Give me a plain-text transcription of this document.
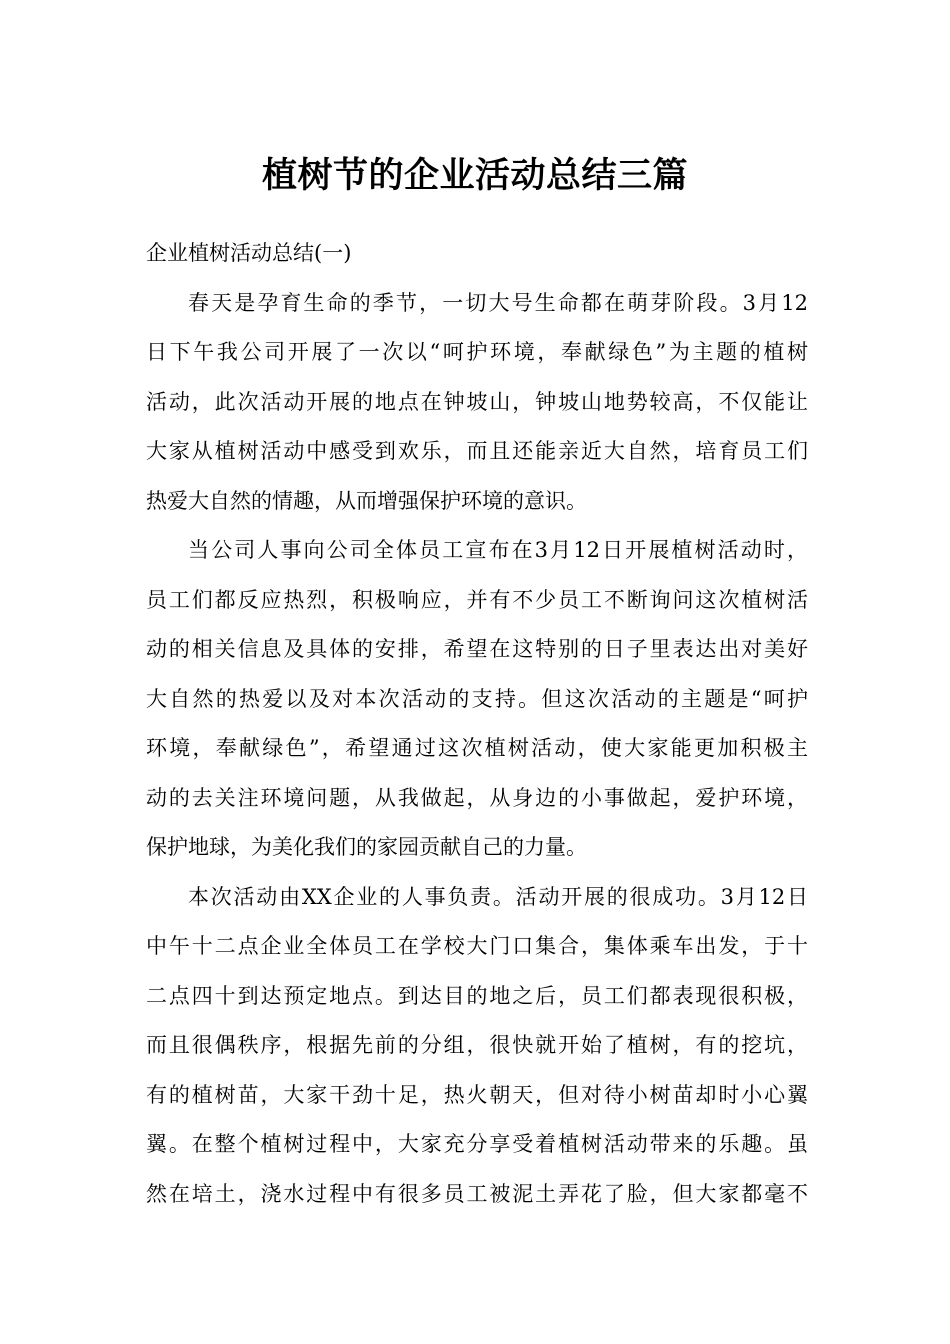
植树节的企业活动总结三篇

企业植树活动总结(一)

春天是孕育生命的季节，一切大号生命都在萌芽阶段。3月12
日下午我公司开展了一次以“呵护环境，奉献绿色”为主题的植树
活动，此次活动开展的地点在钟坡山，钟坡山地势较高，不仅能让
大家从植树活动中感受到欢乐，而且还能亲近大自然，培育员工们
热爱大自然的情趣，从而增强保护环境的意识。

当公司人事向公司全体员工宣布在3月12日开展植树活动时，
员工们都反应热烈，积极响应，并有不少员工不断询问这次植树活
动的相关信息及具体的安排，希望在这特别的日子里表达出对美好
大自然的热爱以及对本次活动的支持。但这次活动的主题是“呵护
环境，奉献绿色”，希望通过这次植树活动，使大家能更加积极主
动的去关注环境问题，从我做起，从身边的小事做起，爱护环境，
保护地球，为美化我们的家园贡献自己的力量。

本次活动由XX企业的人事负责。活动开展的很成功。3月12日
中午十二点企业全体员工在学校大门口集合，集体乘车出发，于十
二点四十到达预定地点。到达目的地之后，员工们都表现很积极，
而且很偶秩序，根据先前的分组，很快就开始了植树，有的挖坑，
有的植树苗，大家干劲十足，热火朝天，但对待小树苗却时小心翼
翼。在整个植树过程中，大家充分享受着植树活动带来的乐趣。虽
然在培土，浇水过程中有很多员工被泥土弄花了脸，但大家都毫不
